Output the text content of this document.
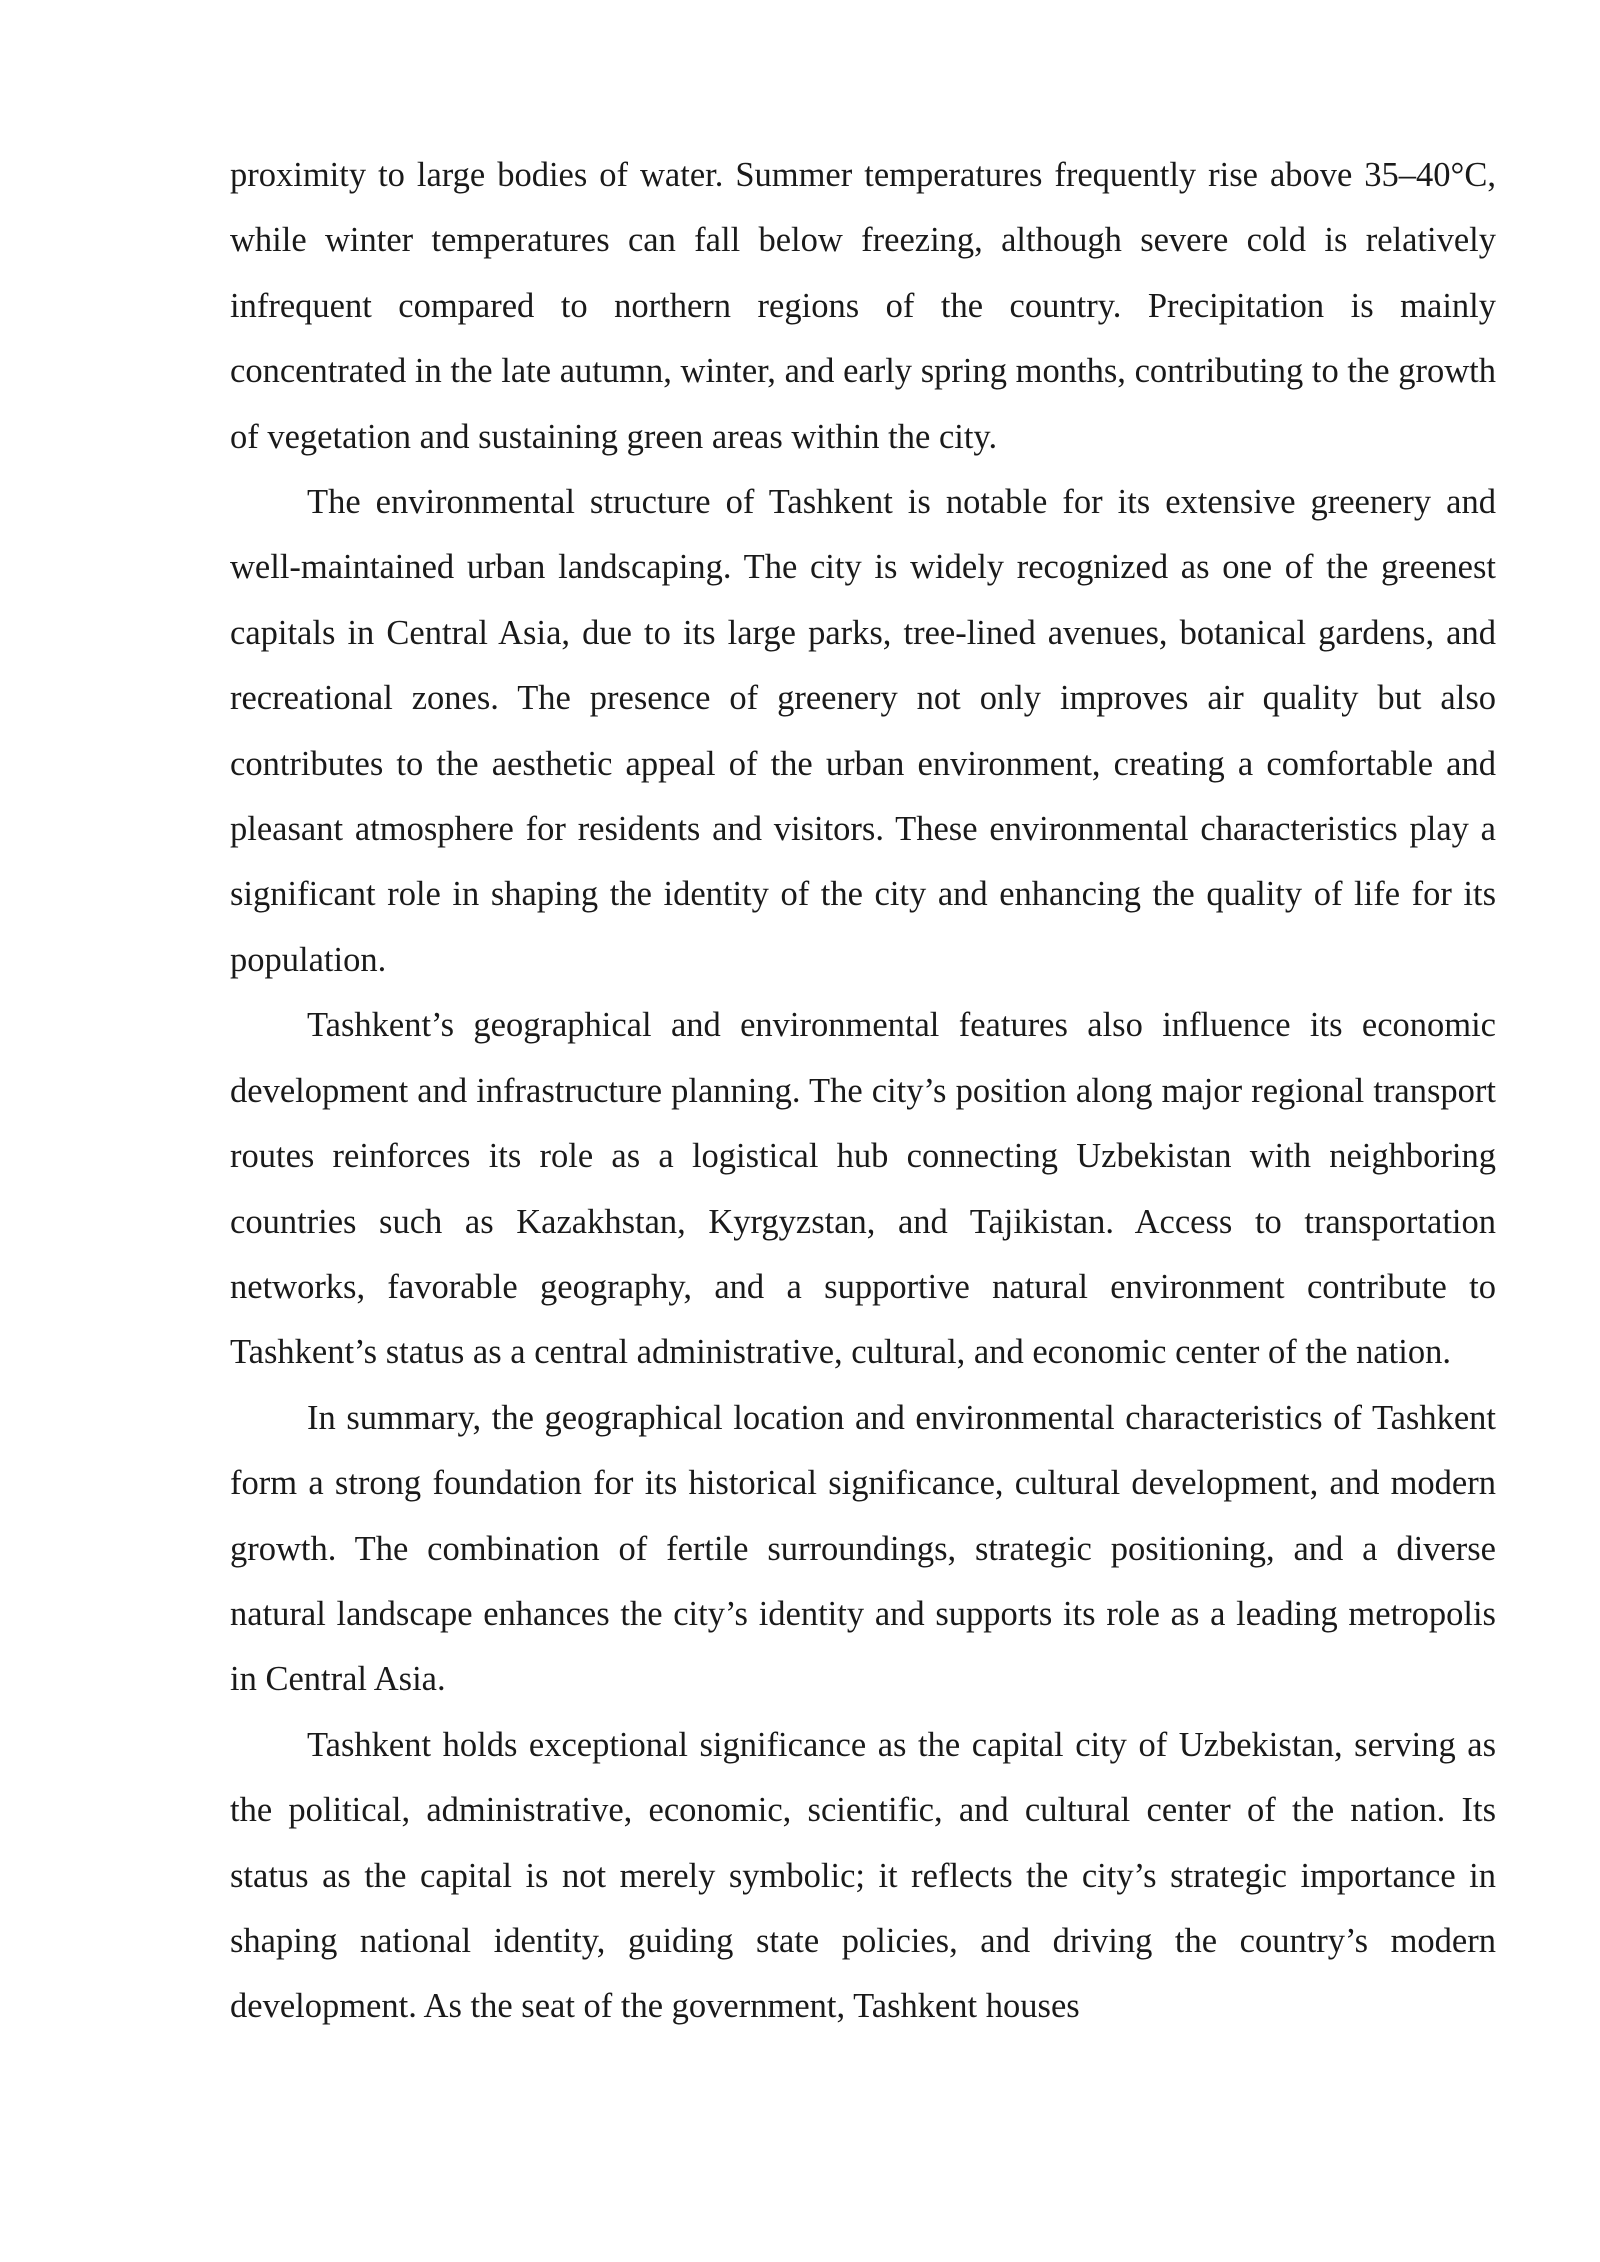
proximity to large bodies of water. Summer temperatures frequently rise above 35–40°C, while winter temperatures can fall below freezing, although severe cold is relatively infrequent compared to northern regions of the country. Precipitation is mainly concentrated in the late autumn, winter, and early spring months, contributing to the growth of vegetation and sustaining green areas within the city.

The environmental structure of Tashkent is notable for its extensive greenery and well-maintained urban landscaping. The city is widely recognized as one of the greenest capitals in Central Asia, due to its large parks, tree-lined avenues, botanical gardens, and recreational zones. The presence of greenery not only improves air quality but also contributes to the aesthetic appeal of the urban environment, creating a comfortable and pleasant atmosphere for residents and visitors. These environmental characteristics play a significant role in shaping the identity of the city and enhancing the quality of life for its population.

Tashkent’s geographical and environmental features also influence its economic development and infrastructure planning. The city’s position along major regional transport routes reinforces its role as a logistical hub connecting Uzbekistan with neighboring countries such as Kazakhstan, Kyrgyzstan, and Tajikistan. Access to transportation networks, favorable geography, and a supportive natural environment contribute to Tashkent’s status as a central administrative, cultural, and economic center of the nation.

In summary, the geographical location and environmental characteristics of Tashkent form a strong foundation for its historical significance, cultural development, and modern growth. The combination of fertile surroundings, strategic positioning, and a diverse natural landscape enhances the city’s identity and supports its role as a leading metropolis in Central Asia.

Tashkent holds exceptional significance as the capital city of Uzbekistan, serving as the political, administrative, economic, scientific, and cultural center of the nation. Its status as the capital is not merely symbolic; it reflects the city’s strategic importance in shaping national identity, guiding state policies, and driving the country’s modern development. As the seat of the government, Tashkent houses
